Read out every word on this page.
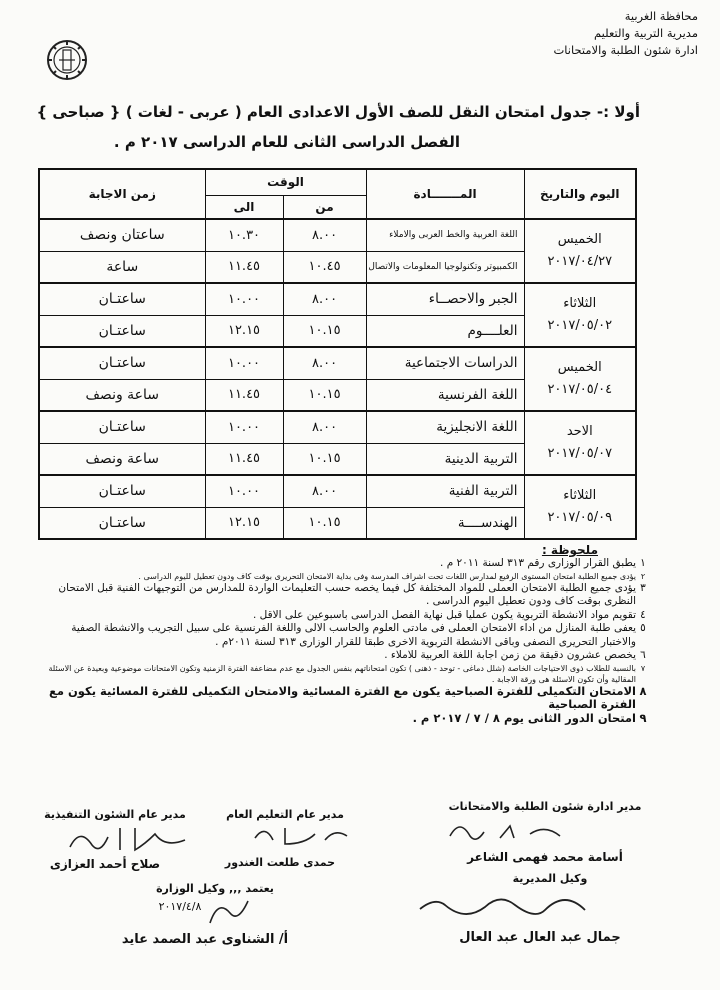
محافظة الغربية
مديرية التربية والتعليم
ادارة شئون الطلبة والامتحانات
أولا :- جدول امتحان النقل للصف الأول الاعدادى العام ( عربى - لغات ) { صباحى }
الفصل الدراسى الثانى للعام الدراسى ٢٠١٧ م .
اليوم والتاريخ	المـــــــادة	الوقت		زمن الاجابة
		من	الى	

الخميس
٢٠١٧/٠٤/٢٧	اللغة العربية والخط العربى والاملاء	٨.٠٠	١٠.٣٠	ساعتان ونصف
	الكمبيوتر وتكنولوجيا المعلومات والاتصال	١٠.٤٥	١١.٤٥	ساعة

الثلاثاء
٢٠١٧/٠٥/٠٢	الجبر والاحصــاء	٨.٠٠	١٠.٠٠	ساعتـان
	العلــــوم	١٠.١٥	١٢.١٥	ساعتـان

الخميس
٢٠١٧/٠٥/٠٤	الدراسات الاجتماعية	٨.٠٠	١٠.٠٠	ساعتـان
	اللغة الفرنسية	١٠.١٥	١١.٤٥	ساعة ونصف

الاحد
٢٠١٧/٠٥/٠٧	اللغة الانجليزية	٨.٠٠	١٠.٠٠	ساعتـان
	التربية الدينية	١٠.١٥	١١.٤٥	ساعة ونصف

الثلاثاء
٢٠١٧/٠٥/٠٩	التربية الفنية	٨.٠٠	١٠.٠٠	ساعتـان
	الهندســــة	١٠.١٥	١٢.١٥	ساعتـان
ملحوظة :
١
يطبق القرار الوزارى رقم ٣١٣ لسنة ٢٠١١ م .
٢
يؤدى جميع الطلبة امتحان المستوى الرفيع لمدارس اللغات تحت اشراف المدرسة وفى بداية الامتحان التحريرى بوقت كاف ودون تعطيل لليوم الدراسى .
٣
يؤدى جميع الطلبة الامتحان العملى للمواد المختلفة كل فيما يخصه حسب التعليمات الواردة للمدارس من التوجيهات الفنية قبل الامتحان النظرى بوقت كاف ودون تعطيل اليوم الدراسى .
٤
تقويم مواد الانشطة التربوية يكون عمليا قبل نهاية الفصل الدراسى باسبوعين على الاقل .
٥
يعفى طلبة المنازل من اداء الامتحان العملى فى مادتى العلوم والحاسب الالى واللغة الفرنسية على سبيل التجريب والانشطة الصفية والاختبار التحريرى النصفى وباقى الانشطة التربوية الاخرى طبقا للقرار الوزارى ٣١٣ لسنة ٢٠١١م .
٦
يخصص عشرون دقيقة من زمن اجابة اللغة العربية للاملاء .
٧
بالنسبة للطلاب ذوى الاحتياجات الخاصة (شلل دماغى - توحد - ذهنى ) تكون امتحاناتهم بنفس الجدول مع عدم مضاعفة الفترة الزمنية وتكون الامتحانات موضوعية وبعيدة عن الاسئلة المقالية وأن تكون الاسئلة هى ورقة الاجابة .
٨
الامتحان التكميلى للفترة الصباحية يكون مع الفترة المسائية والامتحان التكميلى للفترة المسائية يكون مع الفترة الصباحية
٩
امتحان الدور الثانى يوم ٨ / ٧ / ٢٠١٧ م .
مدير ادارة شئون الطلبة والامتحانات
أسامة محمد فهمى الشاعر
وكيل المديرية
جمال عبد العال عبد العال
مدير عام التعليم العام
حمدى طلعت الغندور
مدير عام الشئون التنفيذية
صلاح أحمد العزازى
يعتمد ,,, وكيل الوزارة
٢٠١٧/٤/٨
أ/ الشناوى عبد الصمد عايد
